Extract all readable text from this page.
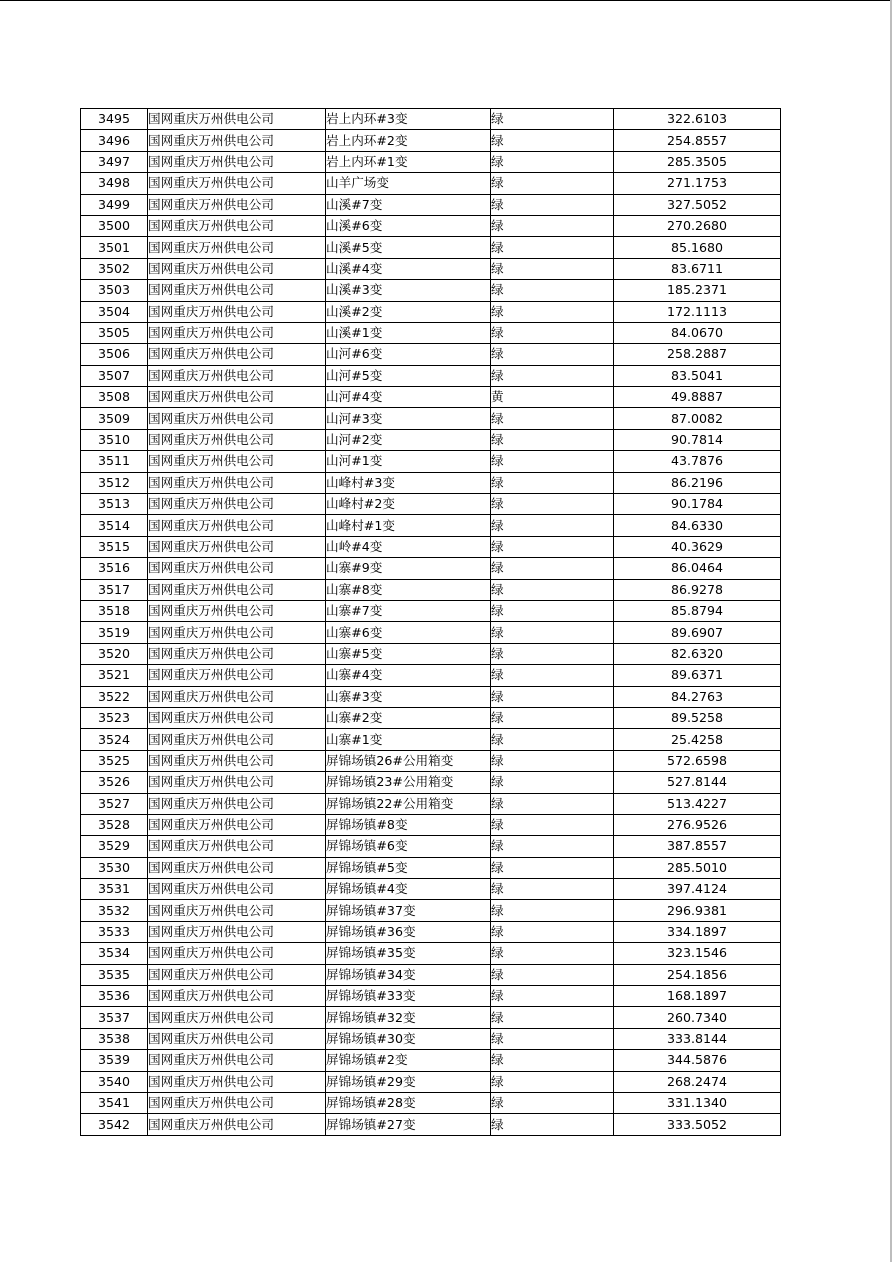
3495	国网重庆万州供电公司	岩上内环#3变	绿	322.6103
3496	国网重庆万州供电公司	岩上内环#2变	绿	254.8557
3497	国网重庆万州供电公司	岩上内环#1变	绿	285.3505
3498	国网重庆万州供电公司	山羊广场变	绿	271.1753
3499	国网重庆万州供电公司	山溪#7变	绿	327.5052
3500	国网重庆万州供电公司	山溪#6变	绿	270.2680
3501	国网重庆万州供电公司	山溪#5变	绿	85.1680
3502	国网重庆万州供电公司	山溪#4变	绿	83.6711
3503	国网重庆万州供电公司	山溪#3变	绿	185.2371
3504	国网重庆万州供电公司	山溪#2变	绿	172.1113
3505	国网重庆万州供电公司	山溪#1变	绿	84.0670
3506	国网重庆万州供电公司	山河#6变	绿	258.2887
3507	国网重庆万州供电公司	山河#5变	绿	83.5041
3508	国网重庆万州供电公司	山河#4变	黄	49.8887
3509	国网重庆万州供电公司	山河#3变	绿	87.0082
3510	国网重庆万州供电公司	山河#2变	绿	90.7814
3511	国网重庆万州供电公司	山河#1变	绿	43.7876
3512	国网重庆万州供电公司	山峰村#3变	绿	86.2196
3513	国网重庆万州供电公司	山峰村#2变	绿	90.1784
3514	国网重庆万州供电公司	山峰村#1变	绿	84.6330
3515	国网重庆万州供电公司	山岭#4变	绿	40.3629
3516	国网重庆万州供电公司	山寨#9变	绿	86.0464
3517	国网重庆万州供电公司	山寨#8变	绿	86.9278
3518	国网重庆万州供电公司	山寨#7变	绿	85.8794
3519	国网重庆万州供电公司	山寨#6变	绿	89.6907
3520	国网重庆万州供电公司	山寨#5变	绿	82.6320
3521	国网重庆万州供电公司	山寨#4变	绿	89.6371
3522	国网重庆万州供电公司	山寨#3变	绿	84.2763
3523	国网重庆万州供电公司	山寨#2变	绿	89.5258
3524	国网重庆万州供电公司	山寨#1变	绿	25.4258
3525	国网重庆万州供电公司	屏锦场镇26#公用箱变	绿	572.6598
3526	国网重庆万州供电公司	屏锦场镇23#公用箱变	绿	527.8144
3527	国网重庆万州供电公司	屏锦场镇22#公用箱变	绿	513.4227
3528	国网重庆万州供电公司	屏锦场镇#8变	绿	276.9526
3529	国网重庆万州供电公司	屏锦场镇#6变	绿	387.8557
3530	国网重庆万州供电公司	屏锦场镇#5变	绿	285.5010
3531	国网重庆万州供电公司	屏锦场镇#4变	绿	397.4124
3532	国网重庆万州供电公司	屏锦场镇#37变	绿	296.9381
3533	国网重庆万州供电公司	屏锦场镇#36变	绿	334.1897
3534	国网重庆万州供电公司	屏锦场镇#35变	绿	323.1546
3535	国网重庆万州供电公司	屏锦场镇#34变	绿	254.1856
3536	国网重庆万州供电公司	屏锦场镇#33变	绿	168.1897
3537	国网重庆万州供电公司	屏锦场镇#32变	绿	260.7340
3538	国网重庆万州供电公司	屏锦场镇#30变	绿	333.8144
3539	国网重庆万州供电公司	屏锦场镇#2变	绿	344.5876
3540	国网重庆万州供电公司	屏锦场镇#29变	绿	268.2474
3541	国网重庆万州供电公司	屏锦场镇#28变	绿	331.1340
3542	国网重庆万州供电公司	屏锦场镇#27变	绿	333.5052
